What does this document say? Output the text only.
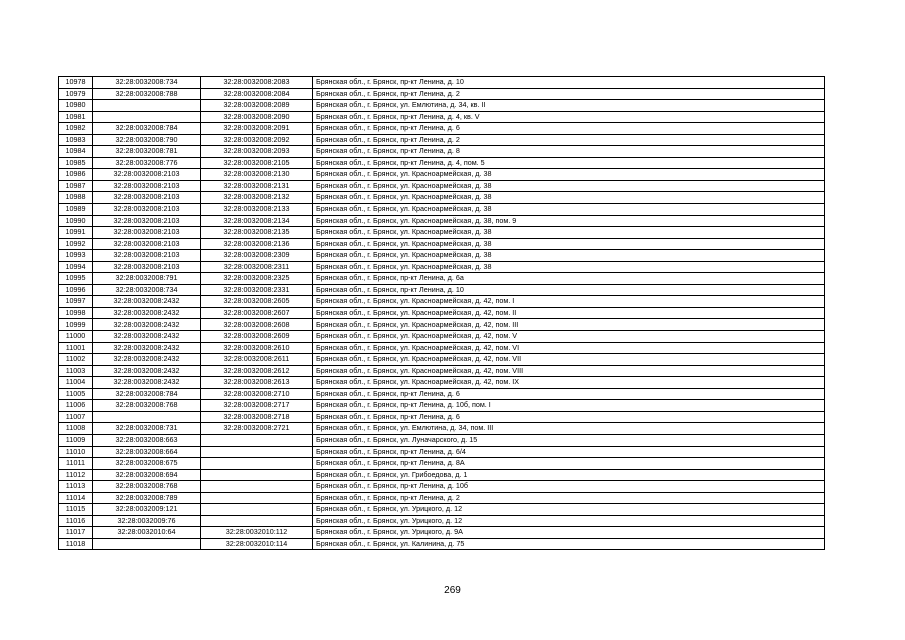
10978	32:28:0032008:734	32:28:0032008:2083	Брянская обл., г. Брянск, пр-кт Ленина, д. 10
10979	32:28:0032008:788	32:28:0032008:2084	Брянская обл., г. Брянск, пр-кт Ленина, д. 2
10980		32:28:0032008:2089	Брянская обл., г. Брянск, ул. Емлютина, д. 34, кв. II
10981		32:28:0032008:2090	Брянская обл., г. Брянск, пр-кт Ленина, д. 4, кв. V
10982	32:28:0032008:784	32:28:0032008:2091	Брянская обл., г. Брянск, пр-кт Ленина, д. 6
10983	32:28:0032008:790	32:28:0032008:2092	Брянская обл., г. Брянск, пр-кт Ленина, д. 2
10984	32:28:0032008:781	32:28:0032008:2093	Брянская обл., г. Брянск, пр-кт Ленина, д. 8
10985	32:28:0032008:776	32:28:0032008:2105	Брянская обл., г. Брянск, пр-кт Ленина, д. 4, пом. 5
10986	32:28:0032008:2103	32:28:0032008:2130	Брянская обл., г. Брянск, ул. Красноармейская, д. 38
10987	32:28:0032008:2103	32:28:0032008:2131	Брянская обл., г. Брянск, ул. Красноармейская, д. 38
10988	32:28:0032008:2103	32:28:0032008:2132	Брянская обл., г. Брянск, ул. Красноармейская, д. 38
10989	32:28:0032008:2103	32:28:0032008:2133	Брянская обл., г. Брянск, ул. Красноармейская, д. 38
10990	32:28:0032008:2103	32:28:0032008:2134	Брянская обл., г. Брянск, ул. Красноармейская, д. 38, пом. 9
10991	32:28:0032008:2103	32:28:0032008:2135	Брянская обл., г. Брянск, ул. Красноармейская, д. 38
10992	32:28:0032008:2103	32:28:0032008:2136	Брянская обл., г. Брянск, ул. Красноармейская, д. 38
10993	32:28:0032008:2103	32:28:0032008:2309	Брянская обл., г. Брянск, ул. Красноармейская, д. 38
10994	32:28:0032008:2103	32:28:0032008:2311	Брянская обл., г. Брянск, ул. Красноармейская, д. 38
10995	32:28:0032008:791	32:28:0032008:2325	Брянская обл., г. Брянск, пр-кт Ленина, д. 6а
10996	32:28:0032008:734	32:28:0032008:2331	Брянская обл., г. Брянск, пр-кт Ленина, д. 10
10997	32:28:0032008:2432	32:28:0032008:2605	Брянская обл., г. Брянск, ул. Красноармейская, д. 42, пом. I
10998	32:28:0032008:2432	32:28:0032008:2607	Брянская обл., г. Брянск, ул. Красноармейская, д. 42, пом. II
10999	32:28:0032008:2432	32:28:0032008:2608	Брянская обл., г. Брянск, ул. Красноармейская, д. 42, пом. III
11000	32:28:0032008:2432	32:28:0032008:2609	Брянская обл., г. Брянск, ул. Красноармейская, д. 42, пом. V
11001	32:28:0032008:2432	32:28:0032008:2610	Брянская обл., г. Брянск, ул. Красноармейская, д. 42, пом. VI
11002	32:28:0032008:2432	32:28:0032008:2611	Брянская обл., г. Брянск, ул. Красноармейская, д. 42, пом. VII
11003	32:28:0032008:2432	32:28:0032008:2612	Брянская обл., г. Брянск, ул. Красноармейская, д. 42, пом. VIII
11004	32:28:0032008:2432	32:28:0032008:2613	Брянская обл., г. Брянск, ул. Красноармейская, д. 42, пом. IX
11005	32:28:0032008:784	32:28:0032008:2710	Брянская обл., г. Брянск, пр-кт Ленина, д. 6
11006	32:28:0032008:768	32:28:0032008:2717	Брянская обл., г. Брянск, пр-кт Ленина, д. 10б, пом. I
11007		32:28:0032008:2718	Брянская обл., г. Брянск, пр-кт Ленина, д. 6
11008	32:28:0032008:731	32:28:0032008:2721	Брянская обл., г. Брянск, ул. Емлютина, д. 34, пом. III
11009	32:28:0032008:663		Брянская обл., г. Брянск, ул. Луначарского, д. 15
11010	32:28:0032008:664		Брянская обл., г. Брянск, пр-кт Ленина, д. 6/4
11011	32:28:0032008:675		Брянская обл., г. Брянск, пр-кт Ленина, д. 8А
11012	32:28:0032008:694		Брянская обл., г. Брянск, ул. Грибоедова, д. 1
11013	32:28:0032008:768		Брянская обл., г. Брянск, пр-кт Ленина, д. 10б
11014	32:28:0032008:789		Брянская обл., г. Брянск, пр-кт Ленина, д. 2
11015	32:28:0032009:121		Брянская обл., г. Брянск, ул. Урицкого, д. 12
11016	32:28:0032009:76		Брянская обл., г. Брянск, ул. Урицкого, д. 12
11017	32:28:0032010:64	32:28:0032010:112	Брянская обл., г. Брянск, ул. Урицкого, д. 9А
11018		32:28:0032010:114	Брянская обл., г. Брянск, ул. Калинина, д. 75
269
